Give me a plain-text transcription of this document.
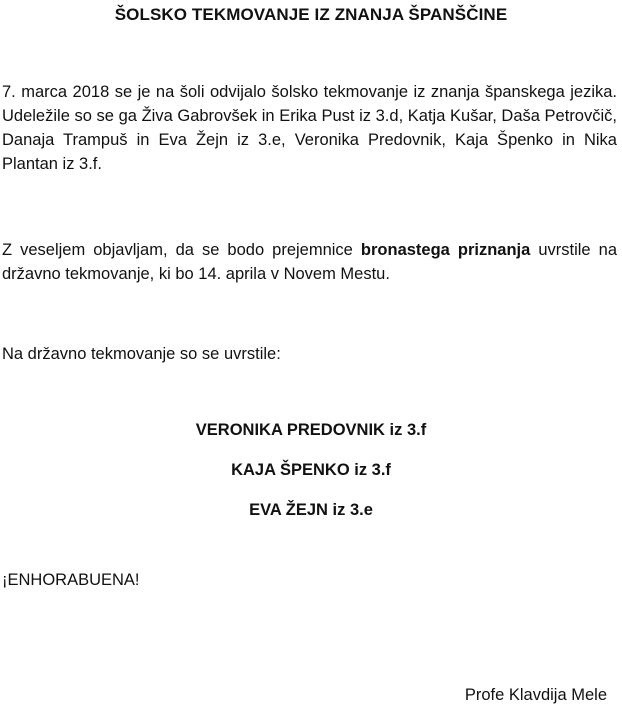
ŠOLSKO TEKMOVANJE IZ ZNANJA ŠPANŠČINE

7. marca 2018 se je na šoli odvijalo šolsko tekmovanje iz znanja španskega jezika. Udeležile so se ga Živa Gabrovšek in Erika Pust iz 3.d, Katja Kušar, Daša Petrovčič, Danaja Trampuš in Eva Žejn iz 3.e, Veronika Predovnik, Kaja Špenko in Nika Plantan iz 3.f.

Z veseljem objavljam, da se bodo prejemnice bronastega priznanja uvrstile na državno tekmovanje, ki bo 14. aprila v Novem Mestu.

Na državno tekmovanje so se uvrstile:

VERONIKA PREDOVNIK iz 3.f
KAJA ŠPENKO iz 3.f
EVA ŽEJN iz 3.e

¡ENHORABUENA!

Profe Klavdija Mele
